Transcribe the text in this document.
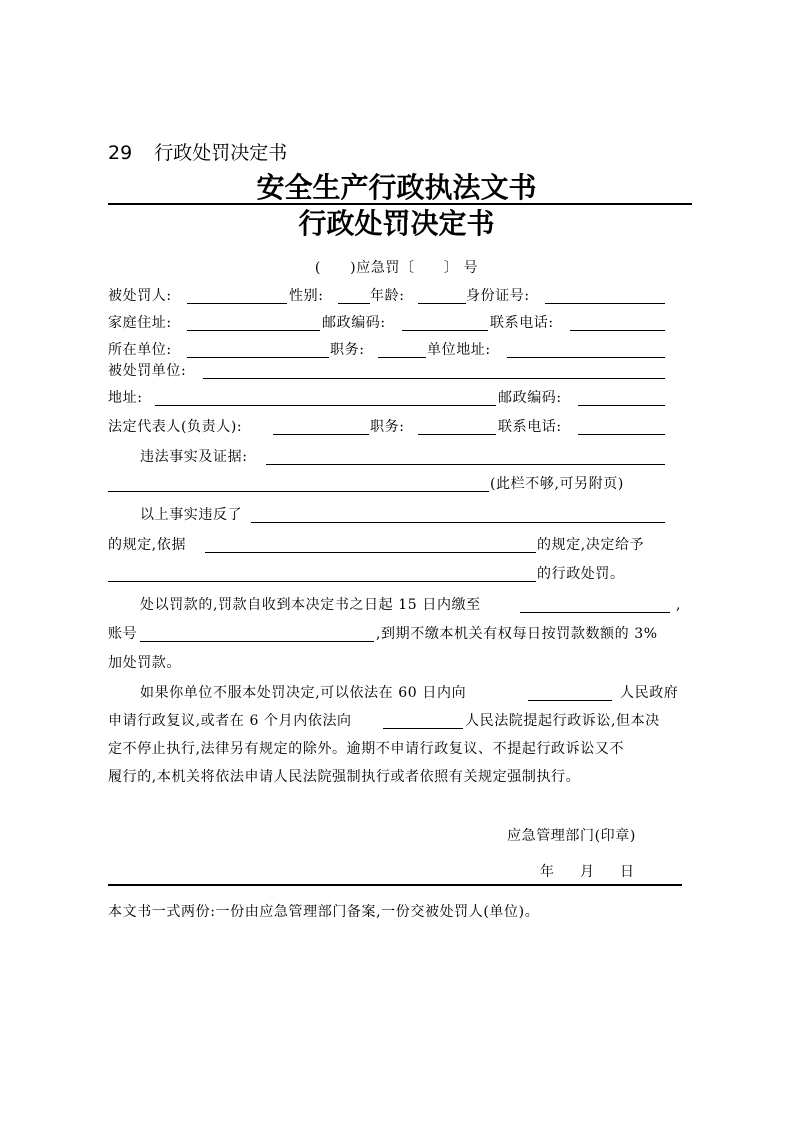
29 行政处罚决定书
安全生产行政执法文书
行政处罚决定书
(　　)应急罚〔　　〕 号
被处罚人:	性别:	年龄:	身份证号:
家庭住址:	邮政编码:	联系电话:
所在单位:	职务:	单位地址:
被处罚单位:
地址:	邮政编码:
法定代表人(负责人):	职务:	联系电话:
违法事实及证据:
(此栏不够,可另附页)
以上事实违反了
的规定,依据	的规定,决定给予
的行政处罚。
处以罚款的,罚款自收到本决定书之日起 15 日内缴至	,
账号	,到期不缴本机关有权每日按罚款数额的 3%
加处罚款。
如果你单位不服本处罚决定,可以依法在 60 日内向	人民政府
申请行政复议,或者在 6 个月内依法向	人民法院提起行政诉讼,但本决
定不停止执行,法律另有规定的除外。逾期不申请行政复议、不提起行政诉讼又不
履行的,本机关将依法申请人民法院强制执行或者依照有关规定强制执行。
应急管理部门(印章)
年 月 日
本文书一式两份:一份由应急管理部门备案,一份交被处罚人(单位)。
